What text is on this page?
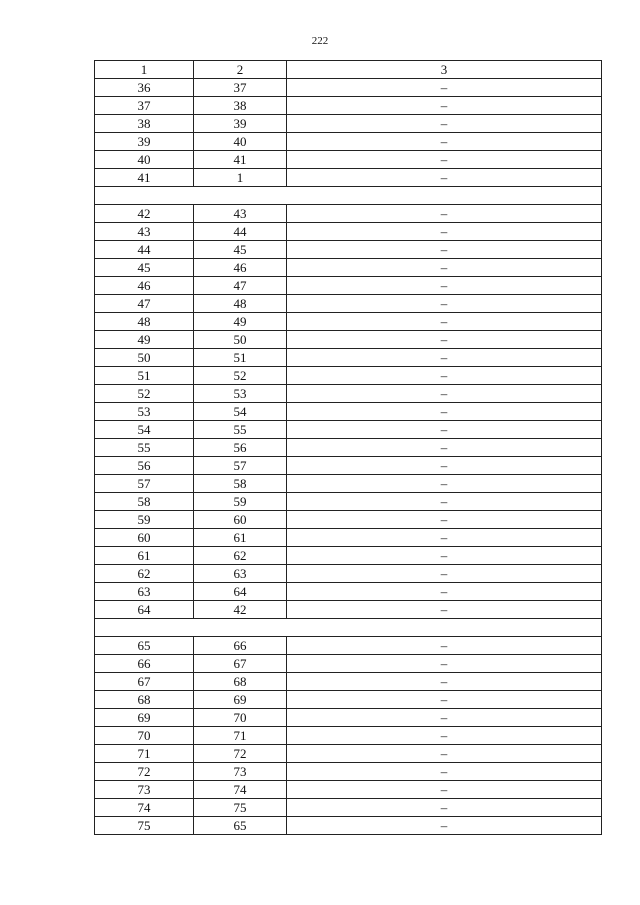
222
1	2	3
36	37	–
37	38	–
38	39	–
39	40	–
40	41	–
41	1	–

42	43	–
43	44	–
44	45	–
45	46	–
46	47	–
47	48	–
48	49	–
49	50	–
50	51	–
51	52	–
52	53	–
53	54	–
54	55	–
55	56	–
56	57	–
57	58	–
58	59	–
59	60	–
60	61	–
61	62	–
62	63	–
63	64	–
64	42	–

65	66	–
66	67	–
67	68	–
68	69	–
69	70	–
70	71	–
71	72	–
72	73	–
73	74	–
74	75	–
75	65	–
